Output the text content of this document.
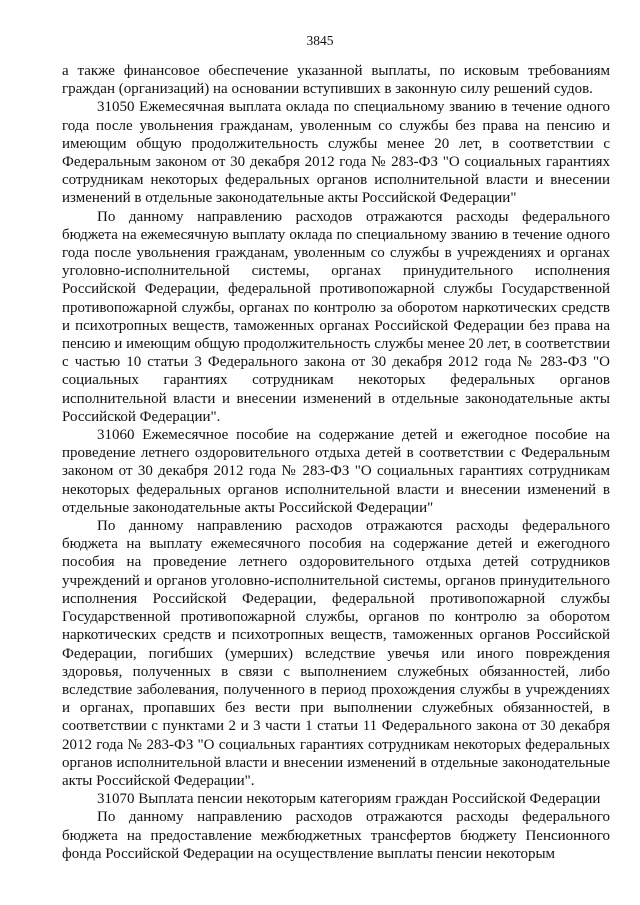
3845

а также финансовое обеспечение указанной выплаты, по исковым требованиям граждан (организаций) на основании вступивших в законную силу решений судов.

31050 Ежемесячная выплата оклада по специальному званию в течение одного года после увольнения гражданам, уволенным со службы без права на пенсию и имеющим общую продолжительность службы менее 20 лет, в соответствии с Федеральным законом от 30 декабря 2012 года № 283-ФЗ "О социальных гарантиях сотрудникам некоторых федеральных органов исполнительной власти и внесении изменений в отдельные законодательные акты Российской Федерации"

По данному направлению расходов отражаются расходы федерального бюджета на ежемесячную выплату оклада по специальному званию в течение одного года после увольнения гражданам, уволенным со службы в учреждениях и органах уголовно-исполнительной системы, органах принудительного исполнения Российской Федерации, федеральной противопожарной службы Государственной противопожарной службы, органах по контролю за оборотом наркотических средств и психотропных веществ, таможенных органах Российской Федерации без права на пенсию и имеющим общую продолжительность службы менее 20 лет, в соответствии с частью 10 статьи 3 Федерального закона от 30 декабря 2012 года № 283-ФЗ "О социальных гарантиях сотрудникам некоторых федеральных органов исполнительной власти и внесении изменений в отдельные законодательные акты Российской Федерации".

31060 Ежемесячное пособие на содержание детей и ежегодное пособие на проведение летнего оздоровительного отдыха детей в соответствии с Федеральным законом от 30 декабря 2012 года № 283-ФЗ "О социальных гарантиях сотрудникам некоторых федеральных органов исполнительной власти и внесении изменений в отдельные законодательные акты Российской Федерации"

По данному направлению расходов отражаются расходы федерального бюджета на выплату ежемесячного пособия на содержание детей и ежегодного пособия на проведение летнего оздоровительного отдыха детей сотрудников учреждений и органов уголовно-исполнительной системы, органов принудительного исполнения Российской Федерации, федеральной противопожарной службы Государственной противопожарной службы, органов по контролю за оборотом наркотических средств и психотропных веществ, таможенных органов Российской Федерации, погибших (умерших) вследствие увечья или иного повреждения здоровья, полученных в связи с выполнением служебных обязанностей, либо вследствие заболевания, полученного в период прохождения службы в учреждениях и органах, пропавших без вести при выполнении служебных обязанностей, в соответствии с пунктами 2 и 3 части 1 статьи 11 Федерального закона от 30 декабря 2012 года № 283-ФЗ "О социальных гарантиях сотрудникам некоторых федеральных органов исполнительной власти и внесении изменений в отдельные законодательные акты Российской Федерации".

31070 Выплата пенсии некоторым категориям граждан Российской Федерации

По данному направлению расходов отражаются расходы федерального бюджета на предоставление межбюджетных трансфертов бюджету Пенсионного фонда Российской Федерации на осуществление выплаты пенсии некоторым
